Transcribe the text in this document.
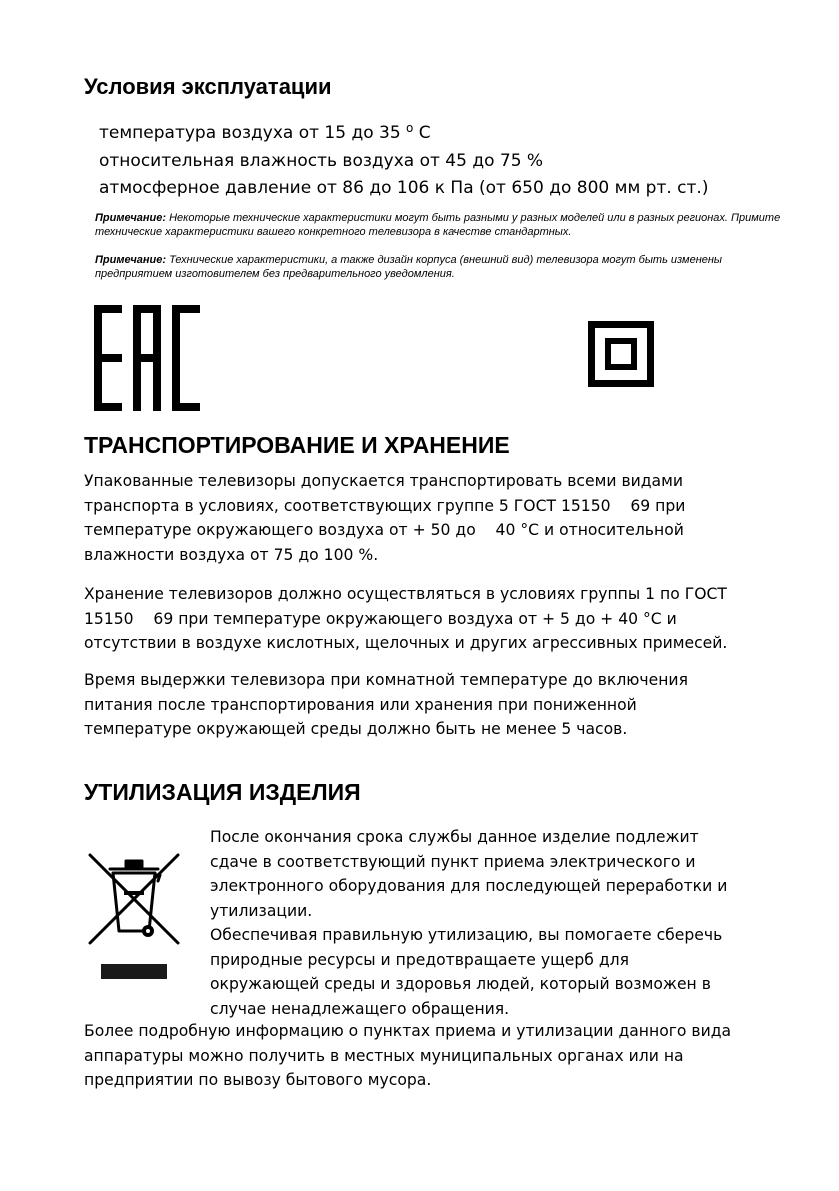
Условия эксплуатации
температура воздуха от 15 до 35 $^о$ С
относительная влажность воздуха от 45 до 75 %
атмосферное давление от 86 до 106 к Па (от 650 до 800 мм рт. ст.)

Примечание: Некоторые технические характеристики могут быть разными у разных моделей или в разных регионах. Примите технические характеристики вашего конкретного телевизора в качестве стандартных.

Примечание: Технические характеристики, а также дизайн корпуса (внешний вид) телевизора могут быть изменены предприятием изготовителем без предварительного уведомления.

ТРАНСПОРТИРОВАНИЕ И ХРАНЕНИЕ

Упакованные телевизоры допускается транспортировать всеми видами
транспорта в условиях, соответствующих группе 5 ГОСТ 15150    69 при
температуре окружающего воздуха от + 50 до    40 °С и относительной
влажности воздуха от 75 до 100 %.

Хранение телевизоров должно осуществляться в условиях группы 1 по ГОСТ
15150    69 при температуре окружающего воздуха от + 5 до + 40 °С и
отсутствии в воздухе кислотных, щелочных и других агрессивных примесей.

Время выдержки телевизора при комнатной температуре до включения
питания после транспортирования или хранения при пониженной
температуре окружающей среды должно быть не менее 5 часов.

УТИЛИЗАЦИЯ ИЗДЕЛИЯ

После окончания срока службы данное изделие подлежит
сдаче в соответствующий пункт приема электрического и
электронного оборудования для последующей переработки и
утилизации.
Обеспечивая правильную утилизацию, вы помогаете сберечь
природные ресурсы и предотвращаете ущерб для
окружающей среды и здоровья людей, который возможен в
случае ненадлежащего обращения.

Более подробную информацию о пунктах приема и утилизации данного вида
аппаратуры можно получить в местных муниципальных органах или на
предприятии по вывозу бытового мусора.
